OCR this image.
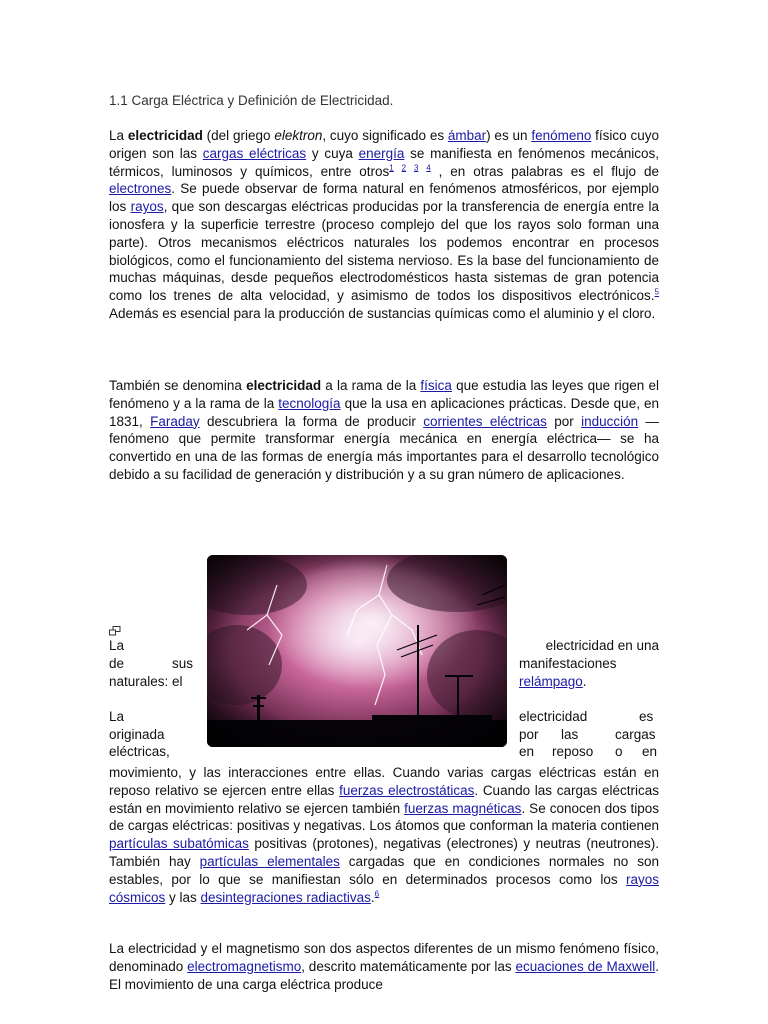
1.1 Carga Eléctrica y Definición de Electricidad.

La electricidad (del griego elektron, cuyo significado es ámbar) es un fenómeno físico cuyo origen son las cargas eléctricas y cuya energía se manifiesta en fenómenos mecánicos, térmicos, luminosos y químicos, entre otros$^1$ $^2$ $^3$ $^4$ , en otras palabras es el flujo de electrones. Se puede observar de forma natural en fenómenos atmosféricos, por ejemplo los rayos, que son descargas eléctricas producidas por la transferencia de energía entre la ionosfera y la superficie terrestre (proceso complejo del que los rayos solo forman una parte). Otros mecanismos eléctricos naturales los podemos encontrar en procesos biológicos, como el funcionamiento del sistema nervioso. Es la base del funcionamiento de muchas máquinas, desde pequeños electrodomésticos hasta sistemas de gran potencia como los trenes de alta velocidad, y asimismo de todos los dispositivos electrónicos.$^5$ Además es esencial para la producción de sustancias químicas como el aluminio y el cloro.

También se denomina electricidad a la rama de la física que estudia las leyes que rigen el fenómeno y a la rama de la tecnología que la usa en aplicaciones prácticas. Desde que, en 1831, Faraday descubriera la forma de producir corrientes eléctricas por inducción —fenómeno que permite transformar energía mecánica en energía eléctrica— se ha convertido en una de las formas de energía más importantes para el desarrollo tecnológico debido a su facilidad de generación y distribución y a su gran número de aplicaciones.

La	electricidad en una
de	sus	manifestaciones
naturales: el	relámpago.
La	electricidad	es
originada	por las	cargas
eléctricas,	en reposo o en

movimiento, y las interacciones entre ellas. Cuando varias cargas eléctricas están en reposo relativo se ejercen entre ellas fuerzas electrostáticas. Cuando las cargas eléctricas están en movimiento relativo se ejercen también fuerzas magnéticas. Se conocen dos tipos de cargas eléctricas: positivas y negativas. Los átomos que conforman la materia contienen partículas subatómicas positivas (protones), negativas (electrones) y neutras (neutrones). También hay partículas elementales cargadas que en condiciones normales no son estables, por lo que se manifiestan sólo en determinados procesos como los rayos cósmicos y las desintegraciones radiactivas.$^6$

La electricidad y el magnetismo son dos aspectos diferentes de un mismo fenómeno físico, denominado electromagnetismo, descrito matemáticamente por las ecuaciones de Maxwell. El movimiento de una carga eléctrica produce
